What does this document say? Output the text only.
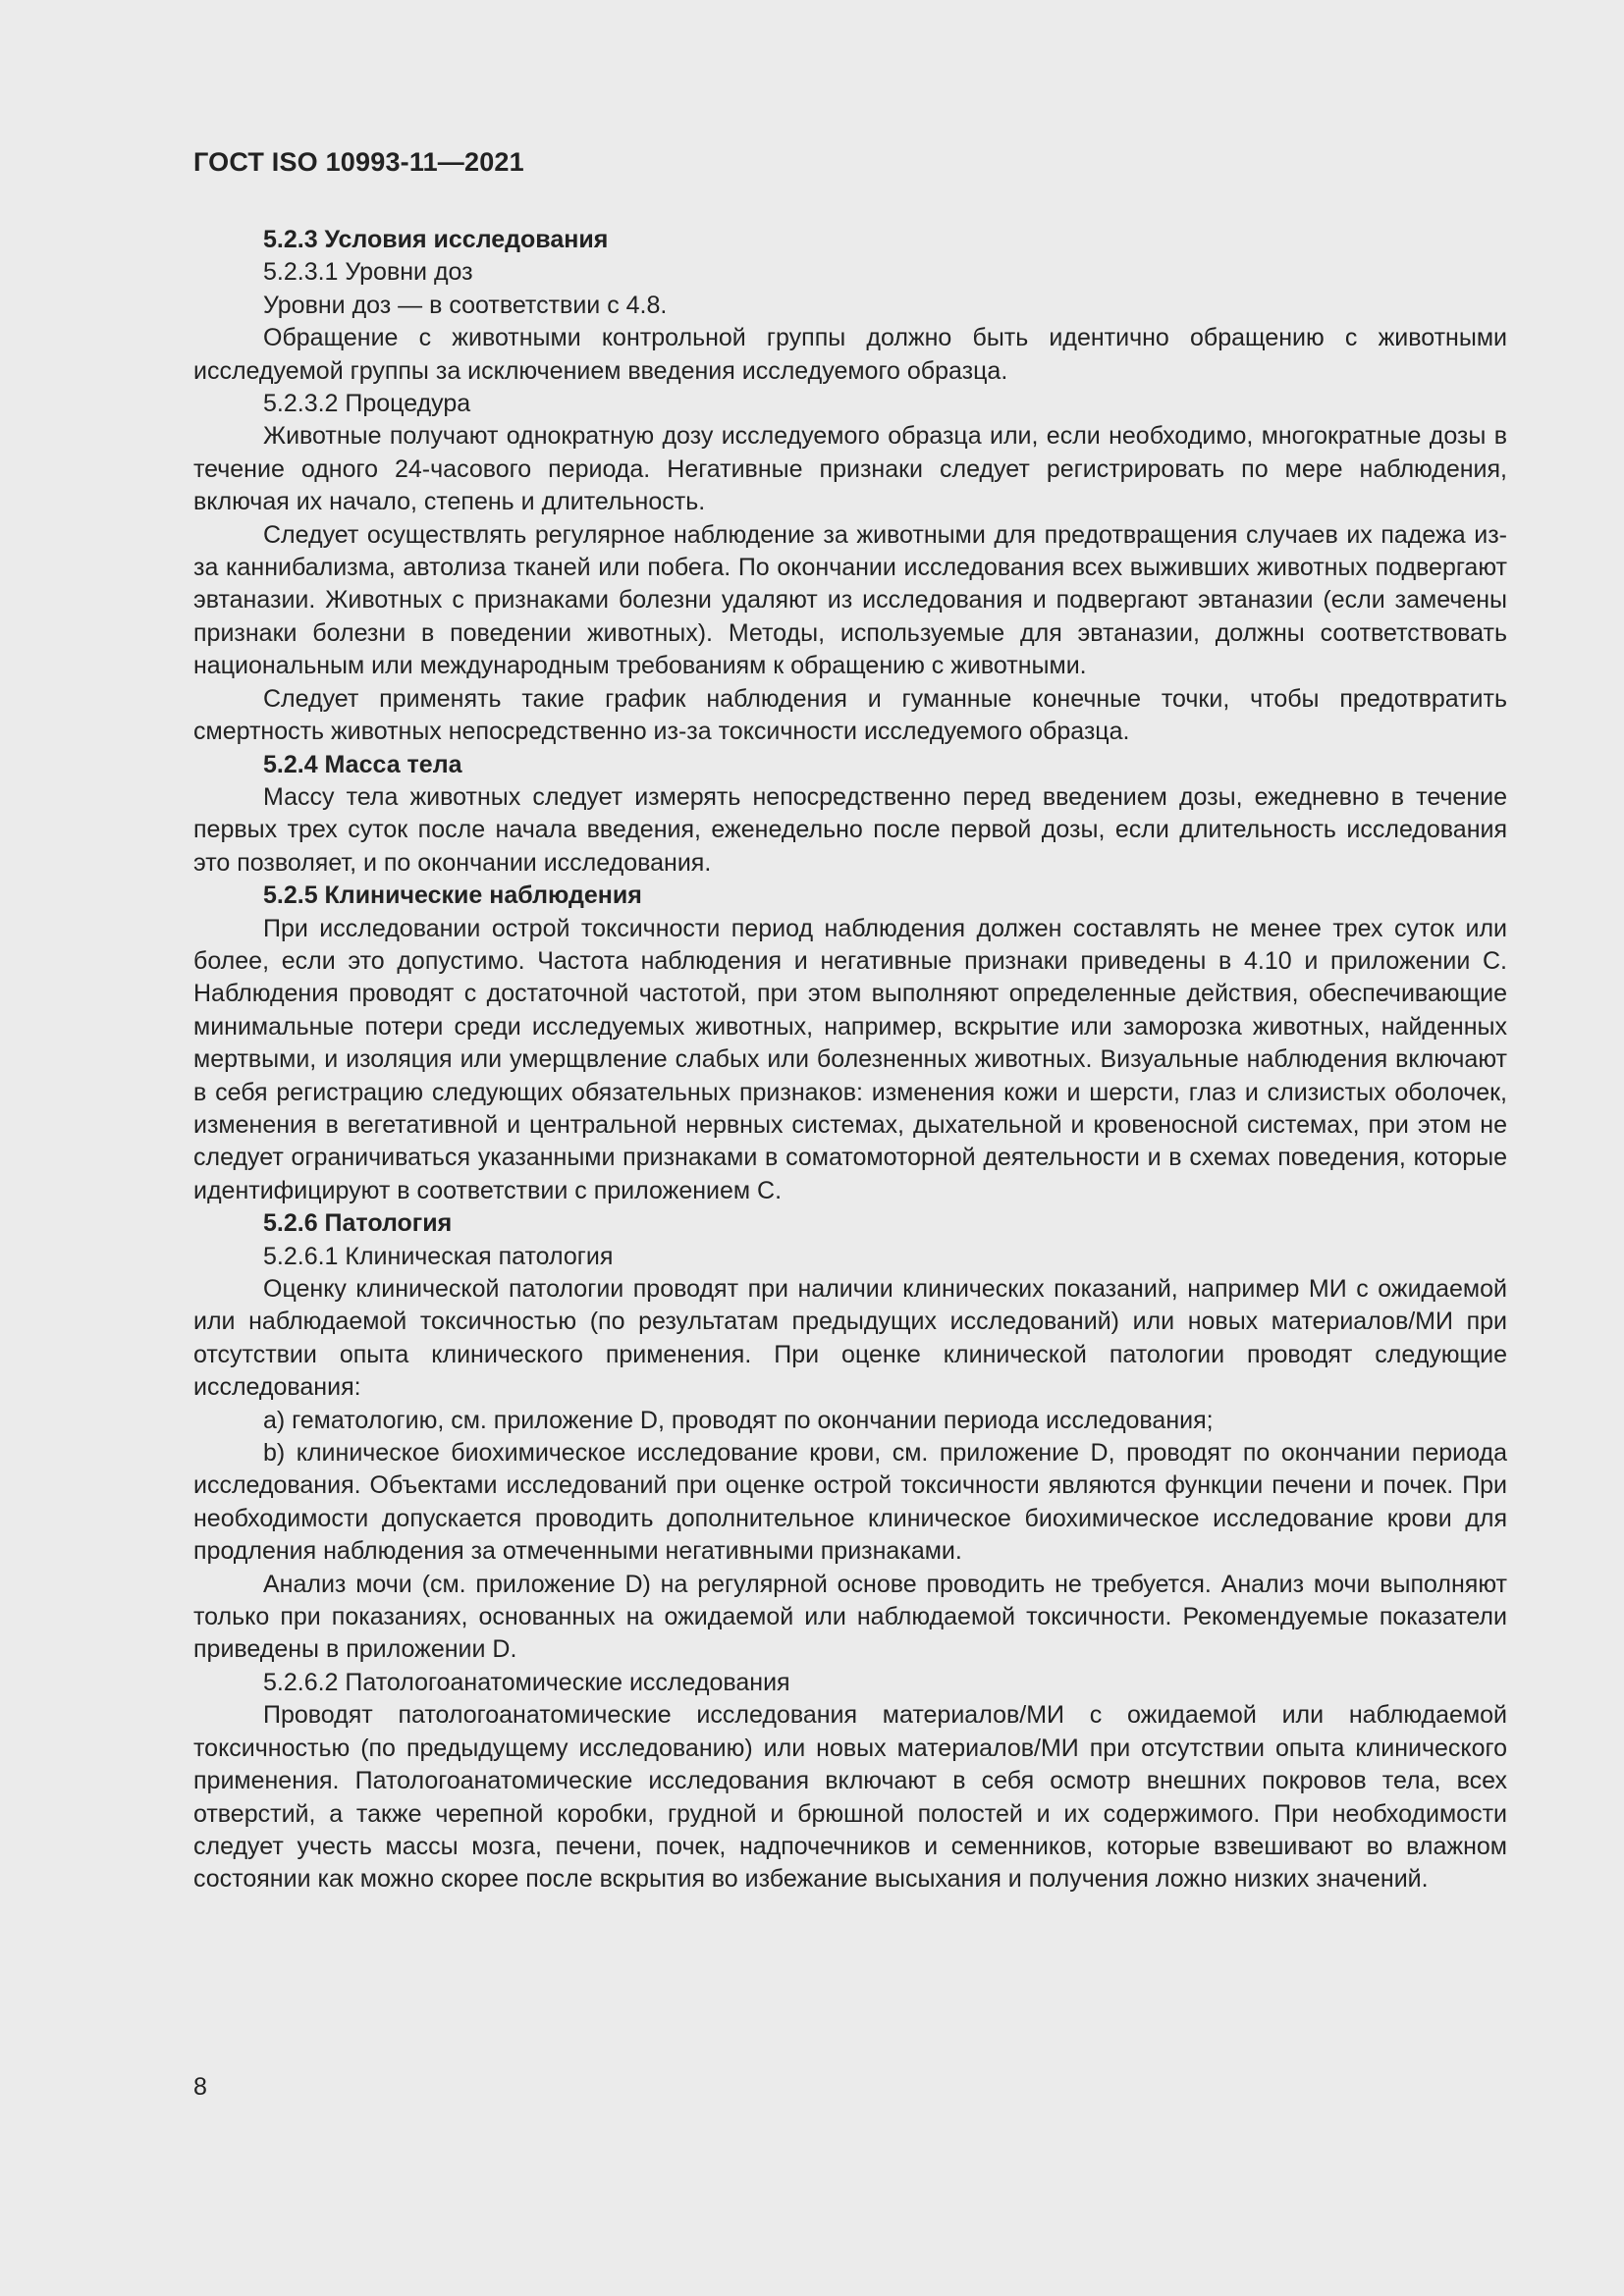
ГОСТ ISO 10993-11—2021

5.2.3 Условия исследования

5.2.3.1 Уровни доз

Уровни доз — в соответствии с 4.8.

Обращение с животными контрольной группы должно быть идентично обращению с животными исследуемой группы за исключением введения исследуемого образца.

5.2.3.2 Процедура

Животные получают однократную дозу исследуемого образца или, если необходимо, многократные дозы в течение одного 24-часового периода. Негативные признаки следует регистрировать по мере наблюдения, включая их начало, степень и длительность.

Следует осуществлять регулярное наблюдение за животными для предотвращения случаев их падежа из-за каннибализма, автолиза тканей или побега. По окончании исследования всех выживших животных подвергают эвтаназии. Животных с признаками болезни удаляют из исследования и подвергают эвтаназии (если замечены признаки болезни в поведении животных). Методы, используемые для эвтаназии, должны соответствовать национальным или международным требованиям к обращению с животными.

Следует применять такие график наблюдения и гуманные конечные точки, чтобы предотвратить смертность животных непосредственно из-за токсичности исследуемого образца.

5.2.4 Масса тела

Массу тела животных следует измерять непосредственно перед введением дозы, ежедневно в течение первых трех суток после начала введения, еженедельно после первой дозы, если длительность исследования это позволяет, и по окончании исследования.

5.2.5 Клинические наблюдения

При исследовании острой токсичности период наблюдения должен составлять не менее трех суток или более, если это допустимо. Частота наблюдения и негативные признаки приведены в 4.10 и приложении С. Наблюдения проводят с достаточной частотой, при этом выполняют определенные действия, обеспечивающие минимальные потери среди исследуемых животных, например, вскрытие или заморозка животных, найденных мертвыми, и изоляция или умерщвление слабых или болезненных животных. Визуальные наблюдения включают в себя регистрацию следующих обязательных признаков: изменения кожи и шерсти, глаз и слизистых оболочек, изменения в вегетативной и центральной нервных системах, дыхательной и кровеносной системах, при этом не следует ограничиваться указанными признаками в соматомоторной деятельности и в схемах поведения, которые идентифицируют в соответствии с приложением С.

5.2.6 Патология

5.2.6.1 Клиническая патология

Оценку клинической патологии проводят при наличии клинических показаний, например МИ с ожидаемой или наблюдаемой токсичностью (по результатам предыдущих исследований) или новых материалов/МИ при отсутствии опыта клинического применения. При оценке клинической патологии проводят следующие исследования:

a) гематологию, см. приложение D, проводят по окончании периода исследования;

b) клиническое биохимическое исследование крови, см. приложение D, проводят по окончании периода исследования. Объектами исследований при оценке острой токсичности являются функции печени и почек. При необходимости допускается проводить дополнительное клиническое биохимическое исследование крови для продления наблюдения за отмеченными негативными признаками.

Анализ мочи (см. приложение D) на регулярной основе проводить не требуется. Анализ мочи выполняют только при показаниях, основанных на ожидаемой или наблюдаемой токсичности. Рекомендуемые показатели приведены в приложении D.

5.2.6.2 Патологоанатомические исследования

Проводят патологоанатомические исследования материалов/МИ с ожидаемой или наблюдаемой токсичностью (по предыдущему исследованию) или новых материалов/МИ при отсутствии опыта клинического применения. Патологоанатомические исследования включают в себя осмотр внешних покровов тела, всех отверстий, а также черепной коробки, грудной и брюшной полостей и их содержимого. При необходимости следует учесть массы мозга, печени, почек, надпочечников и семенников, которые взвешивают во влажном состоянии как можно скорее после вскрытия во избежание высыхания и получения ложно низких значений.

8
